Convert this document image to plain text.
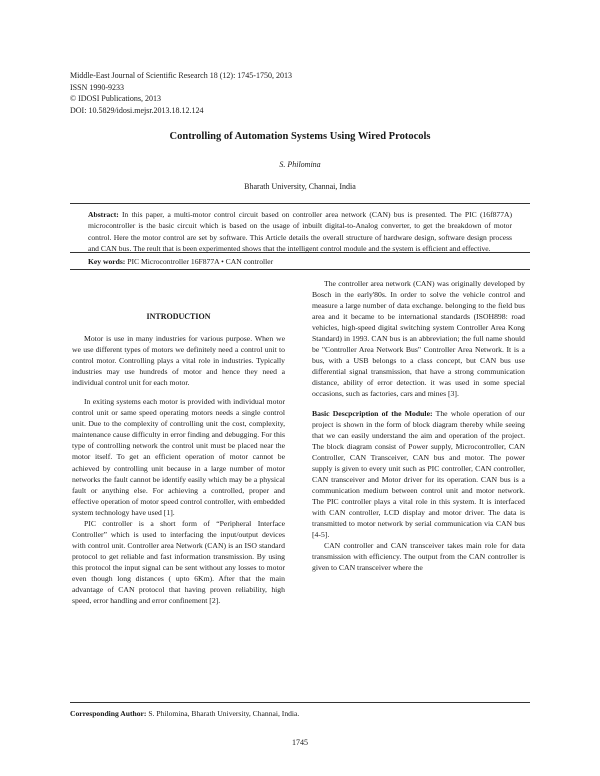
Middle-East Journal of Scientific Research 18 (12): 1745-1750, 2013
ISSN 1990-9233
© IDOSI Publications, 2013
DOI: 10.5829/idosi.mejsr.2013.18.12.124
Controlling of Automation Systems Using Wired Protocols
S. Philomina
Bharath University, Channai, India
Abstract: In this paper, a multi-motor control circuit based on controller area network (CAN) bus is presented. The PIC (16f877A) microcontroller is the basic circuit which is based on the usage of inbuilt digital-to-Analog converter, to get the breakdown of motor control. Here the motor control are set by software. This Article details the overall structure of hardware design, software design process and CAN bus. The reult that is been experimented shows that the intelligent control module and the system is efficient and effective.
Key words: PIC Microcontroller 16F877A • CAN controller
INTRODUCTION

Motor is use in many industries for various purpose. When we we use different types of motors we definitely need a control unit to control motor. Controlling plays a vital role in industries. Typically industries may use hundreds of motor and hence they need a individual control unit for each motor.

In exiting systems each motor is provided with individual motor control unit or same speed operating motors needs a single control unit. Due to the complexity of controlling unit the cost, complexity, maintenance cause difficulty in error finding and debugging. For this type of controlling network the control unit must be placed near the motor itself. To get an efficient operation of motor cannot be achieved by controlling unit because in a large number of motor networks the fault cannot be identify easily which may be a physical fault or anything else. For achieving a controlled, proper and effective operation of motor speed control controller, with embedded system technology have used [1].

PIC controller is a short form of “Peripheral Interface Controller” which is used to interfacing the input/output devices with control unit. Controller area Network (CAN) is an ISO standard protocol to get reliable and fast information transmission. By using this protocol the input signal can be sent without any losses to motor even though long distances ( upto 6Km). After that the main advantage of CAN protocol that having proven reliability, high speed, error handling and error confinement [2].

The controller area network (CAN) was originally developed by Bosch in the early'80s. In order to solve the vehicle control and measure a large number of data exchange. belonging to the field bus area and it became to be international standards (ISOH898: road vehicles, high-speed digital switching system Controller Area Kong Standard) in 1993. CAN bus is an abbreviation; the full name should be "Controller Area Network Bus" Controller Area Network. It is a bus, with a USB belongs to a class concept, but CAN bus use differential signal transmission, that have a strong communication distance, ability of error detection. it was used in some special occasions, such as factories, cars and mines [3].

Basic Descpcription of the Module: The whole operation of our project is shown in the form of block diagram thereby while seeing that we can easily understand the aim and operation of the project. The block diagram consist of Power supply, Microcontroller, CAN Controller, CAN Transceiver, CAN bus and motor. The power supply is given to every unit such as PIC controller, CAN controller, CAN transceiver and Motor driver for its operation. CAN bus is a communication medium between control unit and motor network. The PIC controller plays a vital role in this system. It is interfaced with CAN controller, LCD display and motor driver. The data is transmitted to motor network by serial communication via CAN bus [4-5].

CAN controller and CAN transceiver takes main role for data transmission with efficiency. The output from the CAN controller is given to CAN transceiver where the

Corresponding Author: S. Philomina, Bharath University, Channai, India.
1745
